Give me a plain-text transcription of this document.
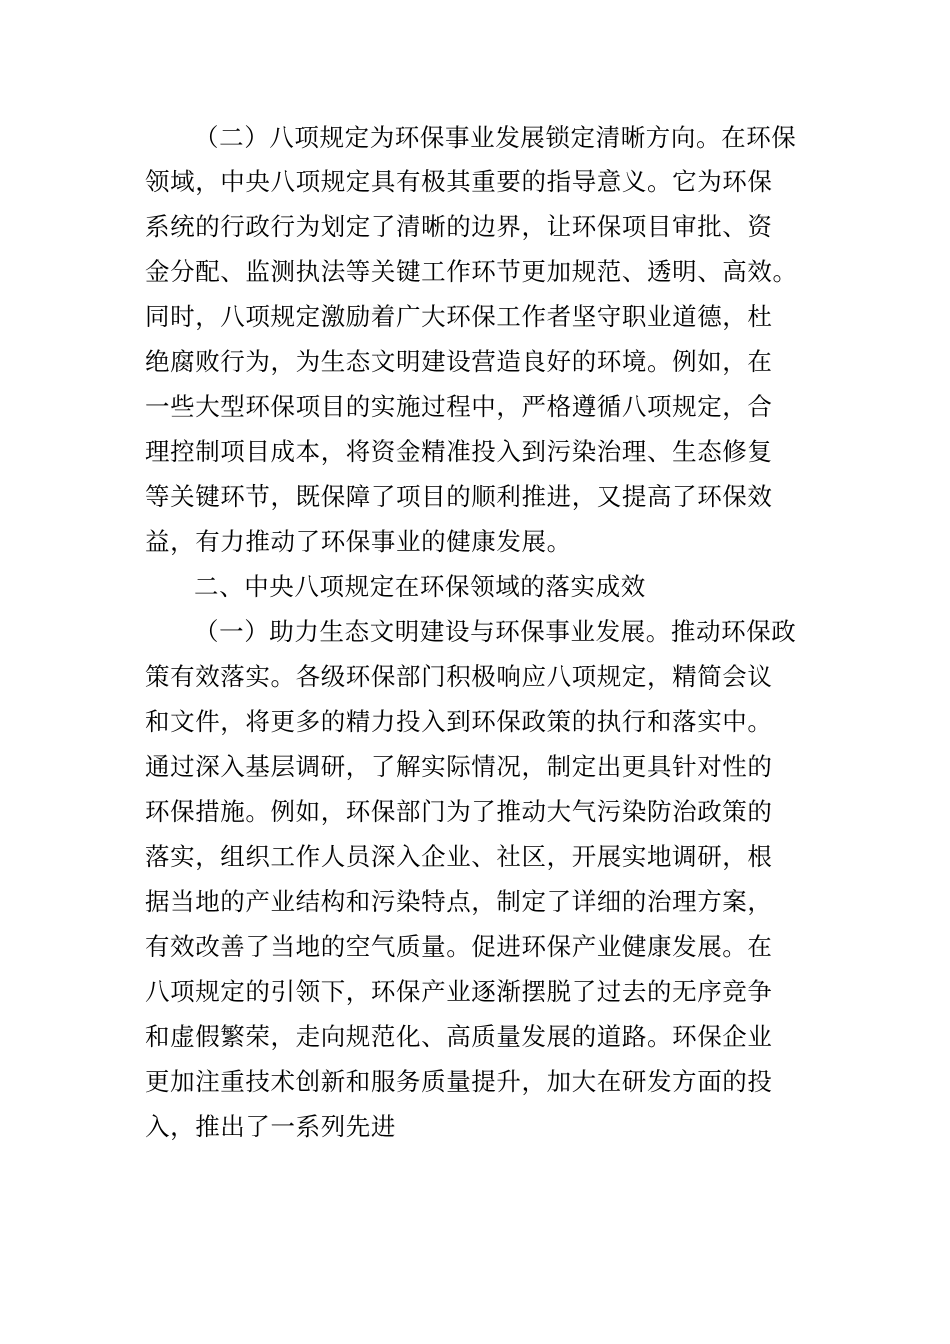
（二）八项规定为环保事业发展锁定清晰方向。在环保
领域，中央八项规定具有极其重要的指导意义。它为环保
系统的行政行为划定了清晰的边界，让环保项目审批、资
金分配、监测执法等关键工作环节更加规范、透明、高效。
同时，八项规定激励着广大环保工作者坚守职业道德，杜
绝腐败行为，为生态文明建设营造良好的环境。例如，在
一些大型环保项目的实施过程中，严格遵循八项规定，合
理控制项目成本，将资金精准投入到污染治理、生态修复
等关键环节，既保障了项目的顺利推进，又提高了环保效
益，有力推动了环保事业的健康发展。
二、中央八项规定在环保领域的落实成效
（一）助力生态文明建设与环保事业发展。推动环保政
策有效落实。各级环保部门积极响应八项规定，精简会议
和文件，将更多的精力投入到环保政策的执行和落实中。
通过深入基层调研，了解实际情况，制定出更具针对性的
环保措施。例如，环保部门为了推动大气污染防治政策的
落实，组织工作人员深入企业、社区，开展实地调研，根
据当地的产业结构和污染特点，制定了详细的治理方案，
有效改善了当地的空气质量。促进环保产业健康发展。在
八项规定的引领下，环保产业逐渐摆脱了过去的无序竞争
和虚假繁荣，走向规范化、高质量发展的道路。环保企业
更加注重技术创新和服务质量提升，加大在研发方面的投
入，推出了一系列先进
